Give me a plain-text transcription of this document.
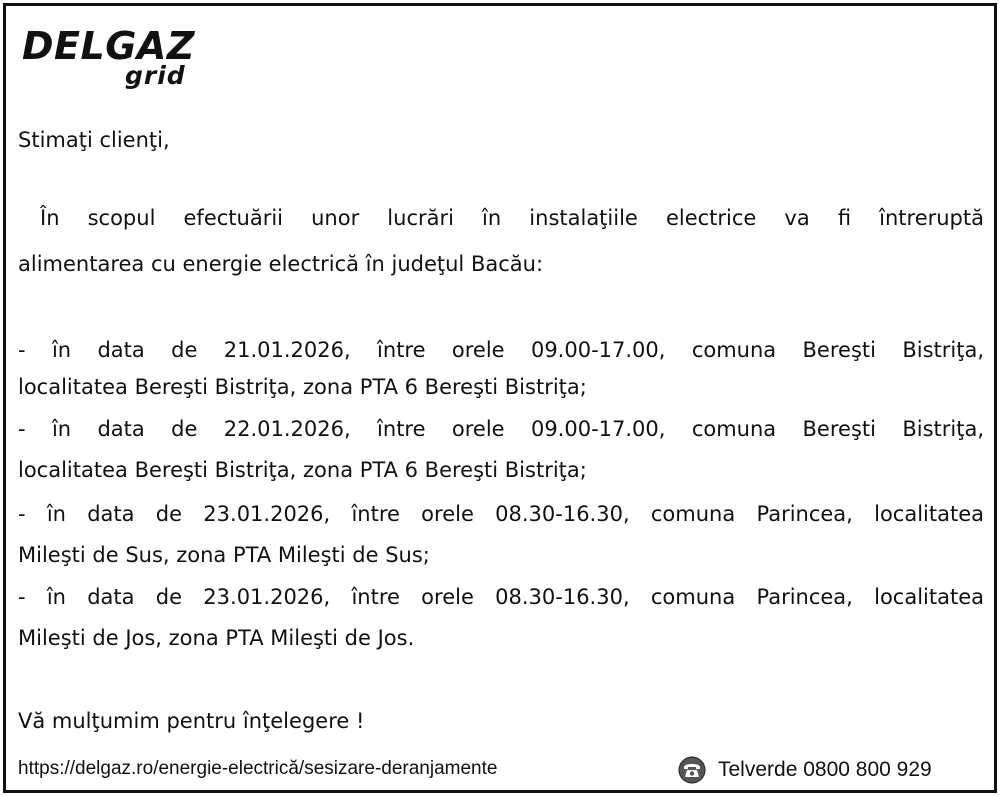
DELGAZ
grid
Stimaţi clienţi,
În scopul efectuării unor lucrări în instalaţiile electrice va fi întreruptă
alimentarea cu energie electrică în judeţul Bacău:
- în data de 21.01.2026, între orele 09.00-17.00, comuna Bereşti Bistriţa,
localitatea Bereşti Bistriţa, zona PTA 6 Bereşti Bistriţa;
- în data de 22.01.2026, între orele 09.00-17.00, comuna Bereşti Bistriţa,
localitatea Bereşti Bistriţa, zona PTA 6 Bereşti Bistriţa;
- în data de 23.01.2026, între orele 08.30-16.30, comuna Parincea, localitatea
Mileşti de Sus, zona PTA Mileşti de Sus;
- în data de 23.01.2026, între orele 08.30-16.30, comuna Parincea, localitatea
Mileşti de Jos, zona PTA Mileşti de Jos.
Vă mulţumim pentru înţelegere !
https://delgaz.ro/energie-electrică/sesizare-deranjamente	Telverde 0800 800 929
